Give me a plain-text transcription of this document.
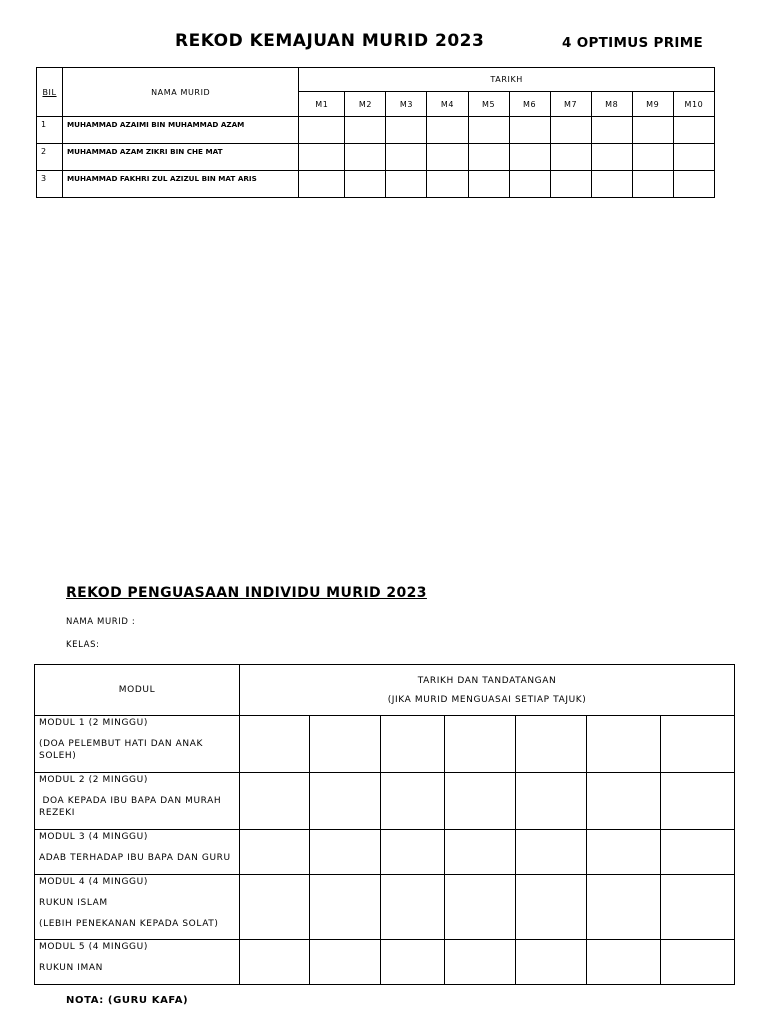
REKOD KEMAJUAN MURID 2023	4 OPTIMUS PRIME
BIL	NAMA MURID	TARIKH									
		M1	M2	M3	M4	M5	M6	M7	M8	M9	M10
1	MUHAMMAD AZAIMI BIN MUHAMMAD AZAM										
2	MUHAMMAD AZAM ZIKRI BIN CHE MAT										
3	MUHAMMAD FAKHRI ZUL AZIZUL BIN MAT ARIS										
REKOD PENGUASAAN INDIVIDU MURID 2023
NAMA MURID :
KELAS:
MODUL	TARIKH DAN TANDATANGAN
(JIKA MURID MENGUASAI SETIAP TAJUK)						

MODUL 1 (2 MINGGU)
(DOA PELEMBUT HATI DAN ANAK SOLEH)							

MODUL 2 (2 MINGGU)
DOA KEPADA IBU BAPA DAN MURAH REZEKI							

MODUL 3 (4 MINGGU)
ADAB TERHADAP IBU BAPA DAN GURU							

MODUL 4 (4 MINGGU)
RUKUN ISLAM
(LEBIH PENEKANAN KEPADA SOLAT)							

MODUL 5 (4 MINGGU)
RUKUN IMAN							

NOTA: (GURU KAFA)
